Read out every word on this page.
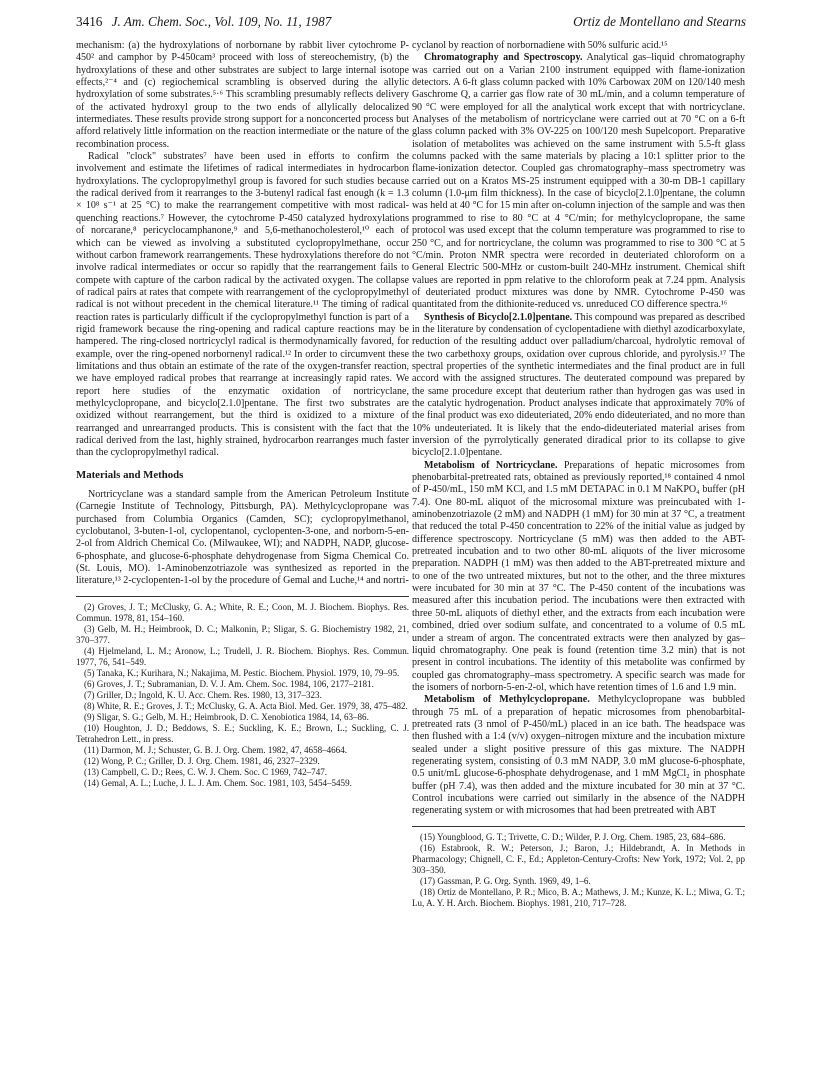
3416 J. Am. Chem. Soc., Vol. 109, No. 11, 1987	Ortiz de Montellano and Stearns

mechanism: (a) the hydroxylations of norbornane by rabbit liver cytochrome P-450² and camphor by P-450cam³ proceed with loss of stereochemistry, (b) the hydroxylations of these and other substrates are subject to large internal isotope effects,²⁻⁴ and (c) regiochemical scrambling is observed during the allylic hydroxylation of some substrates.⁵·⁶ This scrambling presumably reflects delivery of the activated hydroxyl group to the two ends of allylically delocalized intermediates. These results provide strong support for a nonconcerted process but afford relatively little information on the reaction intermediate or the nature of the recombination process.

Radical "clock" substrates⁷ have been used in efforts to confirm the involvement and estimate the lifetimes of radical intermediates in hydrocarbon hydroxylations. The cyclopropylmethyl group is favored for such studies because the radical derived from it rearranges to the 3-butenyl radical fast enough (k = 1.3 × 10⁸ s⁻¹ at 25 °C) to make the rearrangement competitive with most radical-quenching reactions.⁷ However, the cytochrome P-450 catalyzed hydroxylations of norcarane,⁸ pericyclocamphanone,⁹ and 5,6-methanocholesterol,¹⁰ each of which can be viewed as involving a substituted cyclopropylmethane, occur without carbon framework rearrangements. These hydroxylations therefore do not involve radical intermediates or occur so rapidly that the rearrangement fails to compete with capture of the carbon radical by the activated oxygen. The collapse of radical pairs at rates that compete with rearrangement of the cyclopropylmethyl radical is not without precedent in the chemical literature.¹¹ The timing of radical reaction rates is particularly difficult if the cyclopropylmethyl function is part of a rigid framework because the ring-opening and radical capture reactions may be hampered. The ring-closed nortricyclyl radical is thermodynamically favored, for example, over the ring-opened norbornenyl radical.¹² In order to circumvent these limitations and thus obtain an estimate of the rate of the oxygen-transfer reaction, we have employed radical probes that rearrange at increasingly rapid rates. We report here studies of the enzymatic oxidation of nortricyclane, methylcyclopropane, and bicyclo[2.1.0]pentane. The first two substrates are oxidized without rearrangement, but the third is oxidized to a mixture of rearranged and unrearranged products. This is consistent with the fact that the radical derived from the last, highly strained, hydrocarbon rearranges much faster than the cyclopropylmethyl radical.

Materials and Methods

Nortricyclane was a standard sample from the American Petroleum Institute (Carnegie Institute of Technology, Pittsburgh, PA). Methylcyclopropane was purchased from Columbia Organics (Camden, SC); cyclopropylmethanol, cyclobutanol, 3-buten-1-ol, cyclopentanol, cyclopenten-3-one, and norborn-5-en-2-ol from Aldrich Chemical Co. (Milwaukee, WI); and NADPH, NADP, glucose-6-phosphate, and glucose-6-phosphate dehydrogenase from Sigma Chemical Co. (St. Louis, MO). 1-Aminobenzotriazole was synthesized as reported in the literature,¹³ 2-cyclopenten-1-ol by the procedure of Gemal and Luche,¹⁴ and nortri-

(2) Groves, J. T.; McClusky, G. A.; White, R. E.; Coon, M. J. Biochem. Biophys. Res. Commun. 1978, 81, 154–160.

(3) Gelb, M. H.; Heimbrook, D. C.; Malkonin, P.; Sligar, S. G. Biochemistry 1982, 21, 370–377.

(4) Hjelmeland, L. M.; Aronow, L.; Trudell, J. R. Biochem. Biophys. Res. Commun. 1977, 76, 541–549.

(5) Tanaka, K.; Kurihara, N.; Nakajima, M. Pestic. Biochem. Physiol. 1979, 10, 79–95.

(6) Groves, J. T.; Subramanian, D. V. J. Am. Chem. Soc. 1984, 106, 2177–2181.

(7) Griller, D.; Ingold, K. U. Acc. Chem. Res. 1980, 13, 317–323.

(8) White, R. E.; Groves, J. T.; McClusky, G. A. Acta Biol. Med. Ger. 1979, 38, 475–482.

(9) Sligar, S. G.; Gelb, M. H.; Heimbrook, D. C. Xenobiotica 1984, 14, 63–86.

(10) Houghton, J. D.; Beddows, S. E.; Suckling, K. E.; Brown, L.; Suckling, C. J. Tetrahedron Lett., in press.

(11) Darmon, M. J.; Schuster, G. B. J. Org. Chem. 1982, 47, 4658–4664.

(12) Wong, P. C.; Griller, D. J. Org. Chem. 1981, 46, 2327–2329.

(13) Campbell, C. D.; Rees, C. W. J. Chem. Soc. C 1969, 742–747.

(14) Gemal, A. L.; Luche, J. L. J. Am. Chem. Soc. 1981, 103, 5454–5459.

cyclanol by reaction of norbornadiene with 50% sulfuric acid.¹⁵

Chromatography and Spectroscopy. Analytical gas–liquid chromatography was carried out on a Varian 2100 instrument equipped with flame-ionization detectors. A 6-ft glass column packed with 10% Carbowax 20M on 120/140 mesh Gaschrome Q, a carrier gas flow rate of 30 mL/min, and a column temperature of 90 °C were employed for all the analytical work except that with nortricyclane. Analyses of the metabolism of nortricyclane were carried out at 70 °C on a 6-ft glass column packed with 3% OV-225 on 100/120 mesh Supelcoport. Preparative isolation of metabolites was achieved on the same instrument with 5.5-ft glass columns packed with the same materials by placing a 10:1 splitter prior to the flame-ionization detector. Coupled gas chromatography–mass spectrometry was carried out on a Kratos MS-25 instrument equipped with a 30-m DB-1 capillary column (1.0-μm film thickness). In the case of bicyclo[2.1.0]pentane, the column was held at 40 °C for 15 min after on-column injection of the sample and was then programmed to rise to 80 °C at 4 °C/min; for methylcyclopropane, the same protocol was used except that the column temperature was programmed to rise to 250 °C, and for nortricyclane, the column was programmed to rise to 300 °C at 5 °C/min. Proton NMR spectra were recorded in deuteriated chloroform on a General Electric 500-MHz or custom-built 240-MHz instrument. Chemical shift values are reported in ppm relative to the chloroform peak at 7.24 ppm. Analysis of deuteriated product mixtures was done by NMR. Cytochrome P-450 was quantitated from the dithionite-reduced vs. unreduced CO difference spectra.¹⁶

Synthesis of Bicyclo[2.1.0]pentane. This compound was prepared as described in the literature by condensation of cyclopentadiene with diethyl azodicarboxylate, reduction of the resulting adduct over palladium/charcoal, hydrolytic removal of the two carbethoxy groups, oxidation over cuprous chloride, and pyrolysis.¹⁷ The spectral properties of the synthetic intermediates and the final product are in full accord with the assigned structures. The deuterated compound was prepared by the same procedure except that deuterium rather than hydrogen gas was used in the catalytic hydrogenation. Product analyses indicate that approximately 70% of the final product was exo dideuteriated, 20% endo dideuteriated, and no more than 10% undeuteriated. It is likely that the endo-dideuteriated material arises from inversion of the pyrrolytically generated diradical prior to its collapse to give bicyclo[2.1.0]pentane.

Metabolism of Nortricyclane. Preparations of hepatic microsomes from phenobarbital-pretreated rats, obtained as previously reported,¹⁸ contained 4 nmol of P-450/mL, 150 mM KCl, and 1.5 mM DETAPAC in 0.1 M NaKPO₄ buffer (pH 7.4). One 80-mL aliquot of the microsomal mixture was preincubated with 1-aminobenzotriazole (2 mM) and NADPH (1 mM) for 30 min at 37 °C, a treatment that reduced the total P-450 concentration to 22% of the initial value as judged by difference spectroscopy. Nortricyclane (5 mM) was then added to the ABT-pretreated incubation and to two other 80-mL aliquots of the liver microsome preparation. NADPH (1 mM) was then added to the ABT-pretreated mixture and to one of the two untreated mixtures, but not to the other, and the three mixtures were incubated for 30 min at 37 °C. The P-450 content of the incubations was measured after this incubation period. The incubations were then extracted with three 50-mL aliquots of diethyl ether, and the extracts from each incubation were combined, dried over sodium sulfate, and concentrated to a volume of 0.5 mL under a stream of argon. The concentrated extracts were then analyzed by gas–liquid chromatography. One peak is found (retention time 3.2 min) that is not present in control incubations. The identity of this metabolite was confirmed by coupled gas chromatography–mass spectrometry. A specific search was made for the isomers of norborn-5-en-2-ol, which have retention times of 1.6 and 1.9 min.

Metabolism of Methylcyclopropane. Methylcyclopropane was bubbled through 75 mL of a preparation of hepatic microsomes from phenobarbital-pretreated rats (3 nmol of P-450/mL) placed in an ice bath. The headspace was then flushed with a 1:4 (v/v) oxygen–nitrogen mixture and the incubation mixture sealed under a slight positive pressure of this gas mixture. The NADPH regenerating system, consisting of 0.3 mM NADP, 3.0 mM glucose-6-phosphate, 0.5 unit/mL glucose-6-phosphate dehydrogenase, and 1 mM MgCl₂ in phosphate buffer (pH 7.4), was then added and the mixture incubated for 30 min at 37 °C. Control incubations were carried out similarly in the absence of the NADPH regenerating system or with microsomes that had been pretreated with ABT

(15) Youngblood, G. T.; Trivette, C. D.; Wilder, P. J. Org. Chem. 1985, 23, 684–686.

(16) Estabrook, R. W.; Peterson, J.; Baron, J.; Hildebrandt, A. In Methods in Pharmacology; Chignell, C. F., Ed.; Appleton-Century-Crofts: New York, 1972; Vol. 2, pp 303–350.

(17) Gassman, P. G. Org. Synth. 1969, 49, 1–6.

(18) Ortiz de Montellano, P. R.; Mico, B. A.; Mathews, J. M.; Kunze, K. L.; Miwa, G. T.; Lu, A. Y. H. Arch. Biochem. Biophys. 1981, 210, 717–728.
